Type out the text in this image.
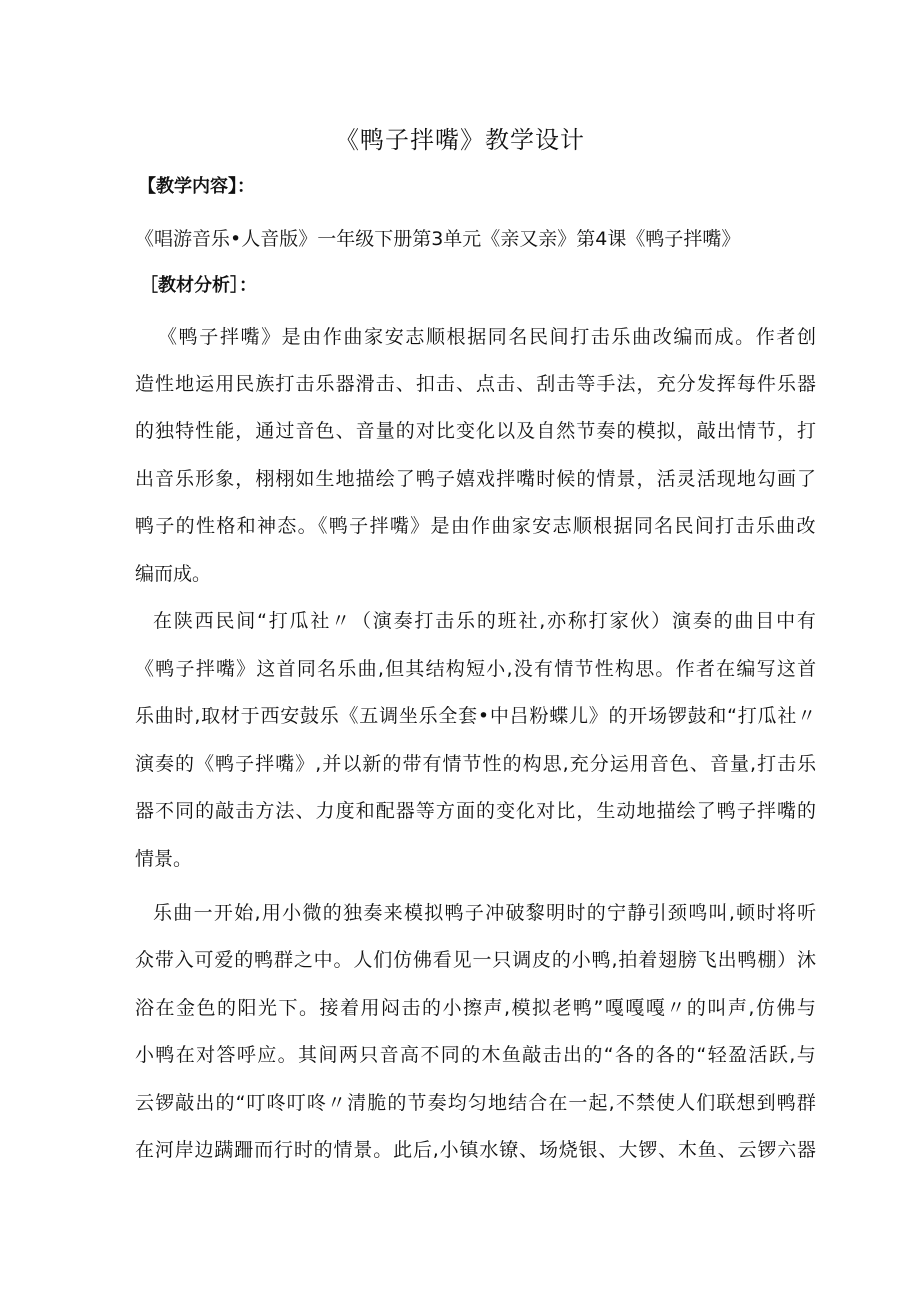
《鸭子拌嘴》教学设计
【教学内容】：
《唱游音乐•人音版》一年级下册第3单元《亲又亲》第4课《鸭子拌嘴》
［教材分析］：
《鸭子拌嘴》是由作曲家安志顺根据同名民间打击乐曲改编而成。作者创
造性地运用民族打击乐器滑击、扣击、点击、刮击等手法，充分发挥每件乐器
的独特性能，通过音色、音量的对比变化以及自然节奏的模拟，敲出情节，打
出音乐形象，栩栩如生地描绘了鸭子嬉戏拌嘴时候的情景，活灵活现地勾画了
鸭子的性格和神态。《鸭子拌嘴》是由作曲家安志顺根据同名民间打击乐曲改
编而成。
在陕西民间“打瓜社〃（演奏打击乐的班社,亦称打家伙）演奏的曲目中有
《鸭子拌嘴》这首同名乐曲,但其结构短小,没有情节性构思。作者在编写这首
乐曲时,取材于西安鼓乐《五调坐乐全套•中吕粉蝶儿》的开场锣鼓和“打瓜社〃
演奏的《鸭子拌嘴》,并以新的带有情节性的构思,充分运用音色、音量,打击乐
器不同的敲击方法、力度和配器等方面的变化对比，生动地描绘了鸭子拌嘴的
情景。
乐曲一开始,用小微的独奏来模拟鸭子冲破黎明时的宁静引颈鸣叫,顿时将听
众带入可爱的鸭群之中。人们仿佛看见一只调皮的小鸭,拍着翅膀飞出鸭棚）沐
浴在金色的阳光下。接着用闷击的小擦声,模拟老鸭”嘎嘎嘎〃的叫声,仿佛与
小鸭在对答呼应。其间两只音高不同的木鱼敲击出的“各的各的“轻盈活跃,与
云锣敲出的“叮咚叮咚〃清脆的节奏均匀地结合在一起,不禁使人们联想到鸭群
在河岸边蹒跚而行时的情景。此后,小镇水镣、场烧银、大锣、木鱼、云锣六器
